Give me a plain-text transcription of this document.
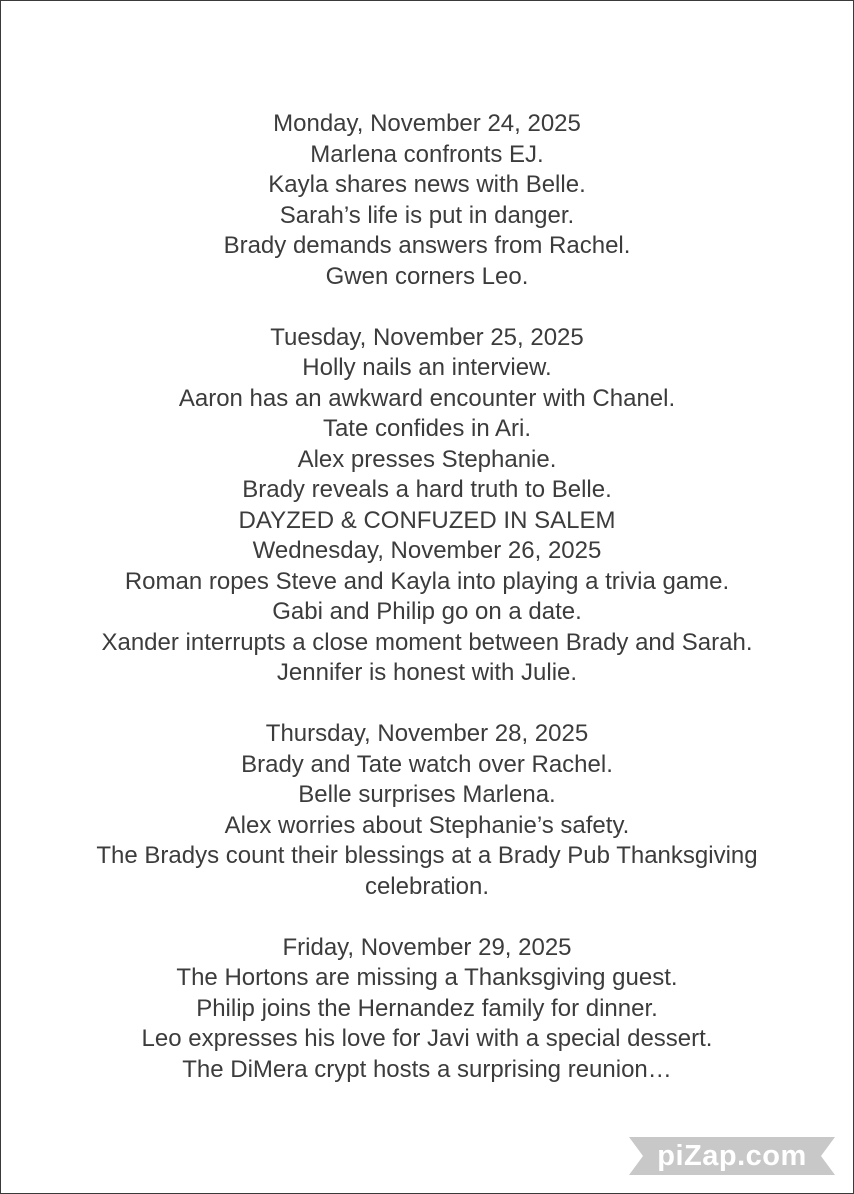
Monday, November 24, 2025
Marlena confronts EJ.
Kayla shares news with Belle.
Sarah’s life is put in danger.
Brady demands answers from Rachel.
Gwen corners Leo.
Tuesday, November 25, 2025
Holly nails an interview.
Aaron has an awkward encounter with Chanel.
Tate confides in Ari.
Alex presses Stephanie.
Brady reveals a hard truth to Belle.
DAYZED & CONFUZED IN SALEM
Wednesday, November 26, 2025
Roman ropes Steve and Kayla into playing a trivia game.
Gabi and Philip go on a date.
Xander interrupts a close moment between Brady and Sarah.
Jennifer is honest with Julie.
Thursday, November 28, 2025
Brady and Tate watch over Rachel.
Belle surprises Marlena.
Alex worries about Stephanie’s safety.
The Bradys count their blessings at a Brady Pub Thanksgiving celebration.
Friday, November 29, 2025
The Hortons are missing a Thanksgiving guest.
Philip joins the Hernandez family for dinner.
Leo expresses his love for Javi with a special dessert.
The DiMera crypt hosts a surprising reunion…
piZap.com
